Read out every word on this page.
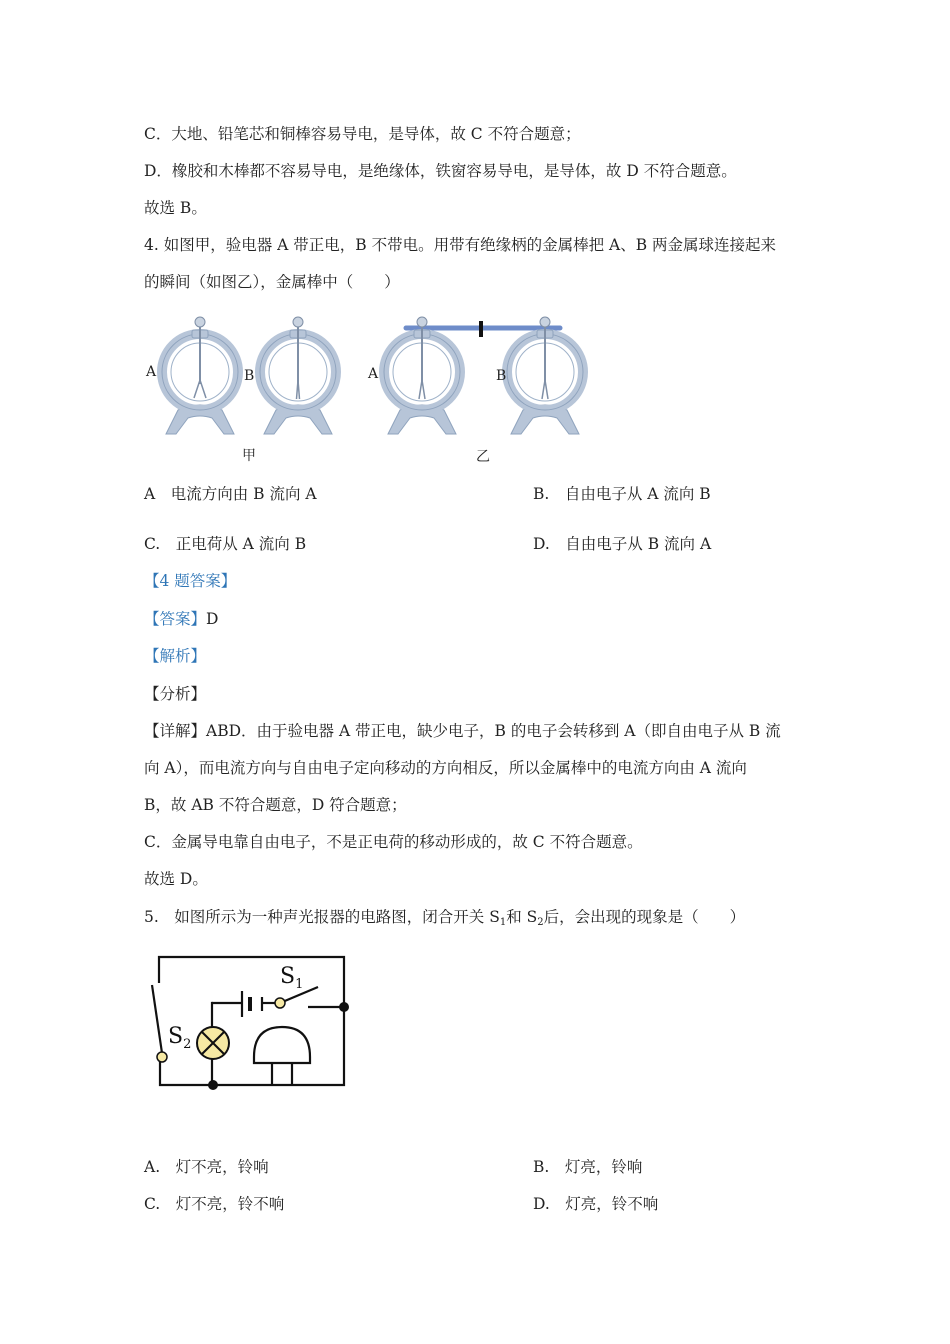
C．大地、铅笔芯和铜棒容易导电，是导体，故 C 不符合题意；
D．橡胶和木棒都不容易导电，是绝缘体，铁窗容易导电，是导体，故 D 不符合题意。
故选 B。
4. 如图甲，验电器 A 带正电，B 不带电。用带有绝缘柄的金属棒把 A、B 两金属球连接起来
的瞬间（如图乙），金属棒中（　　）
A	B	A	B
甲	乙
A　电流方向由 B 流向 A	B.　自由电子从 A 流向 B
C.　正电荷从 A 流向 B	D.　自由电子从 B 流向 A
【4 题答案】
【答案】D
【解析】
【分析】
【详解】ABD．由于验电器 A 带正电，缺少电子，B 的电子会转移到 A（即自由电子从 B 流
向 A），而电流方向与自由电子定向移动的方向相反，所以金属棒中的电流方向由 A 流向
B，故 AB 不符合题意，D 符合题意；
C．金属导电靠自由电子，不是正电荷的移动形成的，故 C 不符合题意。
故选 D。
5.　如图所示为一种声光报器的电路图，闭合开关 $S_1$和 $S_2$后，会出现的现象是（　　）
$S_1$
$S_2$
A.　灯不亮，铃响	B.　灯亮，铃响
C.　灯不亮，铃不响	D.　灯亮，铃不响
